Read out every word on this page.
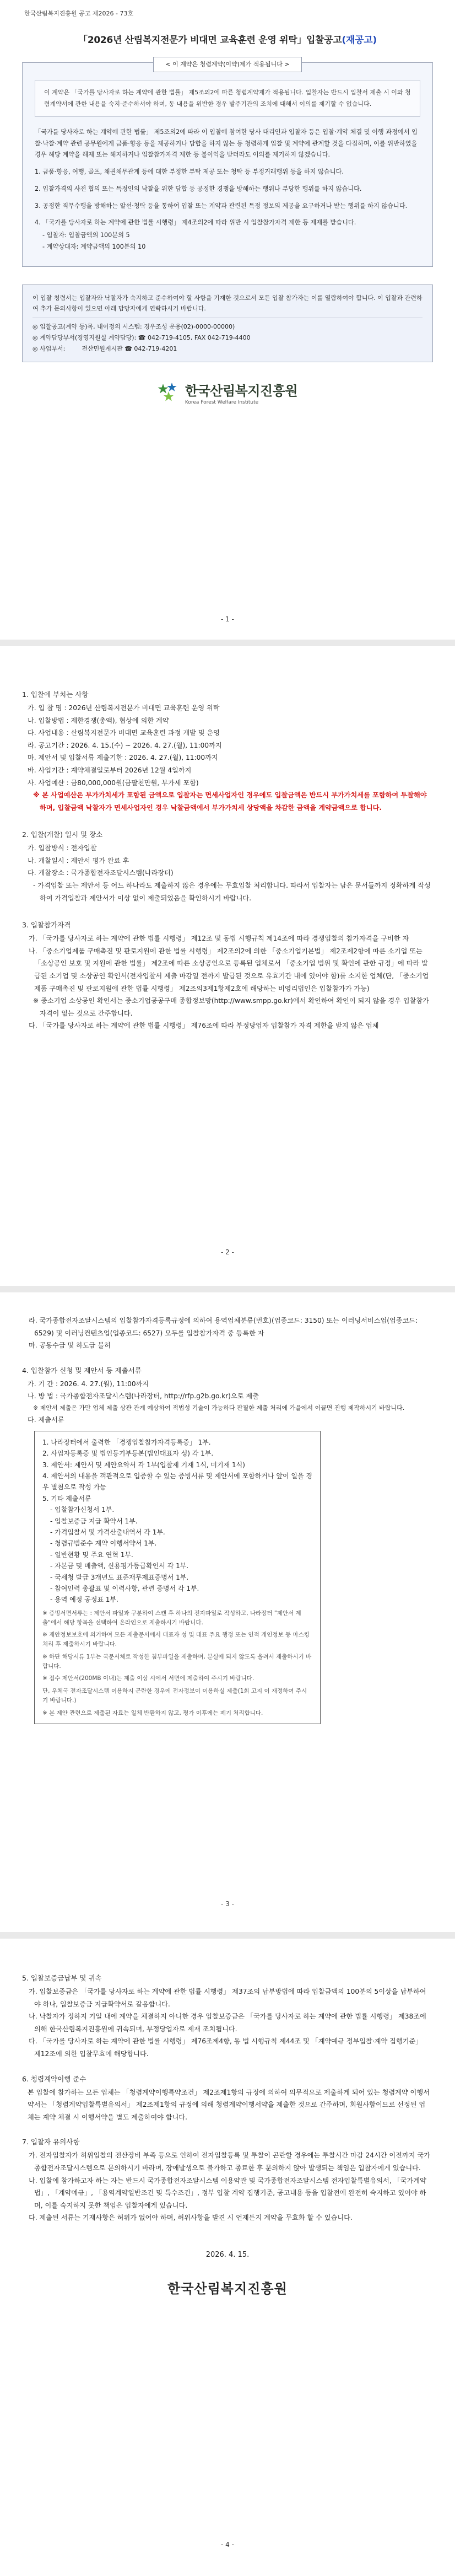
한국산림복지진흥원 공고 제2026 - 73호
「2026년 산림복지전문가 비대면 교육훈련 운영 위탁」입찰공고(재공고)
< 이 계약은 청렴계약(이약)제가 적용됩니다 >
이 계약은 「국가를 당사자로 하는 계약에 관한 법률」 제5조의2에 따른 청렴계약제가 적용됩니다. 입찰자는 반드시 입찰서 제출 시 이와 청렴계약서에 관한 내용을 숙지·준수하셔야 하며, 동 내용을 위반한 경우 발주기관의 조치에 대해서 이의를 제기할 수 없습니다.

「국가를 당사자로 하는 계약에 관한 법률」 제5조의2에 따라 이 입찰에 참여한 당사 대리인과 입찰자 등은 입찰·계약 체결 및 이행 과정에서 입찰·낙찰·계약 관련 공무원에게 금품·향응 등을 제공하거나 담합을 하지 않는 등 청렴하게 입찰 및 계약에 관계할 것을 다짐하며, 이를 위반하였을 경우 해당 계약을 해제 또는 해지하거나 입찰참가자격 제한 등 불이익을 받더라도 이의를 제기하지 않겠습니다.

1. 금품·향응, 여행, 골프, 채권채무관계 등에 대한 부정한 부탁 제공 또는 청탁 등 부정거래행위 등을 하지 않습니다.

2. 입찰가격의 사전 협의 또는 특정인의 낙찰을 위한 담합 등 공정한 경쟁을 방해하는 행위나 부당한 행위를 하지 않습니다.

3. 공정한 직무수행을 방해하는 알선·청탁 등을 통하여 입찰 또는 계약과 관련된 특정 정보의 제공을 요구하거나 받는 행위를 하지 않습니다.

4. 「국가를 당사자로 하는 계약에 관한 법률 시행령」 제4조의2에 따라 위반 시 입찰참가자격 제한 등 제재를 받습니다.

- 입찰자: 입찰금액의 100분의 5
- 계약상대자: 계약금액의 100분의 10
이 입찰 청렴서는 입찰자와 낙찰자가 숙지하고 준수하여야 할 사항을 기재한 것으로서 모든 입찰 참가자는 이를 열람하여야 합니다. 이 입찰과 관련하여 추가 문의사항이 있으면 아래 담당자에게 연락하시기 바랍니다.
◎ 입찰공고(계약 등)목, 내이정의 시스템: 경우조성 운용(02)-0000-00000)
◎ 계약담당부서(경영지원실 계약담당): ☎ 042-719-4105, FAX 042-719-4400
◎ 사업부서:	전산민원게시판 ☎ 042-719-4201
한국산림복지진흥원
Korea Forest Welfare Institute
- 1 -
1. 입찰에 부치는 사항
가. 입 찰 명 : 2026년 산림복지전문가 비대면 교육훈련 운영 위탁
나. 입찰방법 : 제한경쟁(총액), 협상에 의한 계약
다. 사업내용 : 산림복지전문가 비대면 교육훈련 과정 개발 및 운영
라. 공고기간 : 2026. 4. 15.(수) ~ 2026. 4. 27.(월), 11:00까지
마. 제안서 및 입찰서류 제출기한 : 2026. 4. 27.(월), 11:00까지
바. 사업기간 : 계약체결일로부터 2026년 12월 4일까지
사. 사업예산 : 금80,000,000원(금팔천만원, 부가세 포함)
※ 본 사업예산은 부가가치세가 포함된 금액으로 입찰자는 면세사업자인 경우에도 입찰금액은 반드시 부가가치세를 포함하여 투찰해야 하며, 입찰금액 낙찰자가 면세사업자인 경우 낙찰금액에서 부가가치세 상당액을 차감한 금액을 계약금액으로 합니다.
2. 입찰(개찰) 일시 및 장소
가. 입찰방식 : 전자입찰
나. 개찰일시 : 제안서 평가 완료 후
다. 개찰장소 : 국가종합전자조달시스템(나라장터)
- 가격입찰 또는 제안서 등 어느 하나라도 제출하지 않은 경우에는 무효입찰 처리합니다. 따라서 입찰자는 남은 문서들까지 정확하게 작성하여 가격입찰과 제안서가 이상 없이 제출되었음을 확인하시기 바랍니다.
3. 입찰참가자격
가. 「국가를 당사자로 하는 계약에 관한 법률 시행령」 제12조 및 동법 시행규칙 제14조에 따라 경쟁입찰의 참가자격을 구비한 자
나. 「중소기업제품 구매촉진 및 판로지원에 관한 법률 시행령」 제2조의2에 의한 「중소기업기본법」 제2조제2항에 따른 소기업 또는 「소상공인 보호 및 지원에 관한 법률」 제2조에 따른 소상공인으로 등록된 업체로서 「중소기업 범위 및 확인에 관한 규정」에 따라 발급된 소기업 및 소상공인 확인서(전자입찰서 제출 마감일 전까지 발급된 것으로 유효기간 내에 있어야 함)를 소지한 업체(단, 「중소기업제품 구매촉진 및 판로지원에 관한 법률 시행령」 제2조의3제1항제2호에 해당하는 비영리법인은 입찰참가가 가능)
※ 중소기업 소상공인 확인서는 중소기업공공구매 종합정보망(http://www.smpp.go.kr)에서 확인하여 확인이 되지 않을 경우 입찰참가 자격이 없는 것으로 간주합니다.
다. 「국가를 당사자로 하는 계약에 관한 법률 시행령」 제76조에 따라 부정당업자 입찰참가 자격 제한을 받지 않은 업체
- 2 -
라. 국가종합전자조달시스템의 입찰참가자격등록규정에 의하여 용역업체분류(번호)(업종코드: 3150) 또는 이러닝서비스업(업종코드: 6529) 및 이러닝컨텐츠업(업종코드: 6527) 모두를 입찰참가자격 중 등록한 자
마. 공동수급 및 하도급 불허
4. 입찰참가 신청 및 제안서 등 제출서류
가. 기 간 : 2026. 4. 27.(월), 11:00까지
나. 방 법 : 국가종합전자조달시스템(나라장터, http://rfp.g2b.go.kr)으로 제출
※ 제안서 제출은 가만 업체 제출 상관 관계 예상하여 적법성 기술이 가능하다 판필한 제출 처리에 가을에서 이끌면 진행 제작하시기 바랍니다.
다. 제출서류
1. 나라장터에서 출력한 「경쟁입찰참가자격등록증」 1부.
2. 사업자등록증 및 법인등기부등본(법인대표자 성) 각 1부.
3. 제안서: 제안서 및 제안요약서 각 1부(입찰제 기재 1식, 미기재 1식)
4. 제안서의 내용을 객관적으로 입증할 수 있는 증빙서류 및 제안서에 포함하거나 앞이 일을 경우 별첨으로 작성 가능
5. 기타 제출서류
- 입찰참가신청서 1부.
- 입찰보증금 지급 확약서 1부.
- 가격입찰서 및 가격산출내역서 각 1부.
- 청렴규범준수 계약 이행서약서 1부.
- 일반현황 및 주요 연혁 1부.
- 자본금 및 매출액, 신용평가등급확인서 각 1부.
- 국세청 발급 3개년도 표준재무제표증명서 1부.
- 참여인력 총괄표 및 이력사항, 관련 증명서 각 1부.
- 용역 예정 공정표 1부.
※ 증빙서면서류는 : 제안서 파일과 구분하여 스캔 후 하나의 전자파일로 작성하고, 나라장터 "제안서 제출"에서 해당 항목을 선택하여 온라인으로 제출하시기 바랍니다.
※ 제안정보보호에 의거하여 모든 제출문서에서 대표자 성 및 대표 주요 행정 또는 인적 개인정보 등 마스킹 처리 후 제출하시기 바랍니다.
※ 하단 해당서류 1부는 국문서체로 작성한 첨부파일을 제출하며, 분실에 되지 않도록 올려서 제출하시기 바랍니다.
※ 접수 제안서(200MB 이내)는 제출 이상 시에서 서면에 제출하여 주시기 바랍니다.
단, 우체국 전자조달시스템 이용하지 곤란한 경우에 전자정보이 이용하실 제출(1회 고지 이 재정하여 주시기 바랍니다.)
※ 본 제안 관련으로 제출된 자료는 일체 반환하지 않고, 평가 이후에는 폐기 처리합니다.
- 3 -
5. 입찰보증금납부 및 귀속
가. 입찰보증금은 「국가를 당사자로 하는 계약에 관한 법률 시행령」 제37조의 납부방법에 따라 입찰금액의 100분의 5이상을 납부하여야 하나, 입찰보증금 지급확약서로 갈음합니다.
나. 낙찰자가 정하지 기일 내에 계약을 체결하지 아니한 경우 입찰보증금은 「국가를 당사자로 하는 계약에 관한 법률 시행령」 제38조에 의해 한국산림복지진흥원에 귀속되며, 부정당업자로 제재 조치됩니다.
다. 「국가를 당사자로 하는 계약에 관한 법률 시행령」 제76조제4항, 동 법 시행규칙 제44조 및 「계약예규 정부입찰·계약 집행기준」 제12조에 의한 입찰무효에 해당합니다.
6. 청렴계약이행 준수
본 입찰에 참가하는 모든 업체는 「청렴계약이행특약조건」 제2조제1항의 규정에 의하여 의무적으로 제출하게 되어 있는 청렴계약 이행서약서는 「청렴계약입찰특별유의서」 제2조제1항의 규정에 의해 청렴계약이행서약을 제출한 것으로 간주하며, 회원사함이므로 선정된 업체는 계약 체결 시 이행서약을 별도 제출하여야 합니다.
7. 입찰자 유의사항
가. 전자입찰자가 허위입찰의 전산장비 부족 등으로 인하여 전자입찰등록 및 투찰이 곤란할 경우에는 투찰시간 마감 24시간 이전까지 국가종합전자조달시스템으로 문의하시기 바라며, 장애발생으로 불가하고 종료한 후 문의하지 않아 발생되는 책임은 입찰자에게 있습니다.
나. 입찰에 참가하고자 하는 자는 반드시 국가종합전자조달시스템 이용약관 및 국가종합전자조달시스템 전자입찰특별유의서, 「국가계약법」, 「계약예규」, 「용역계약일반조건 및 특수조건」, 정부 입찰 계약 집행기준, 공고내용 등을 입찰전에 완전히 숙지하고 있어야 하며, 이를 숙지하지 못한 책임은 입찰자에게 있습니다.
다. 제출된 서류는 기재사항은 허위가 없어야 하며, 허위사항을 발견 시 언제든지 계약을 무효화 할 수 있습니다.
2026. 4. 15.
한국산림복지진흥원
- 4 -
